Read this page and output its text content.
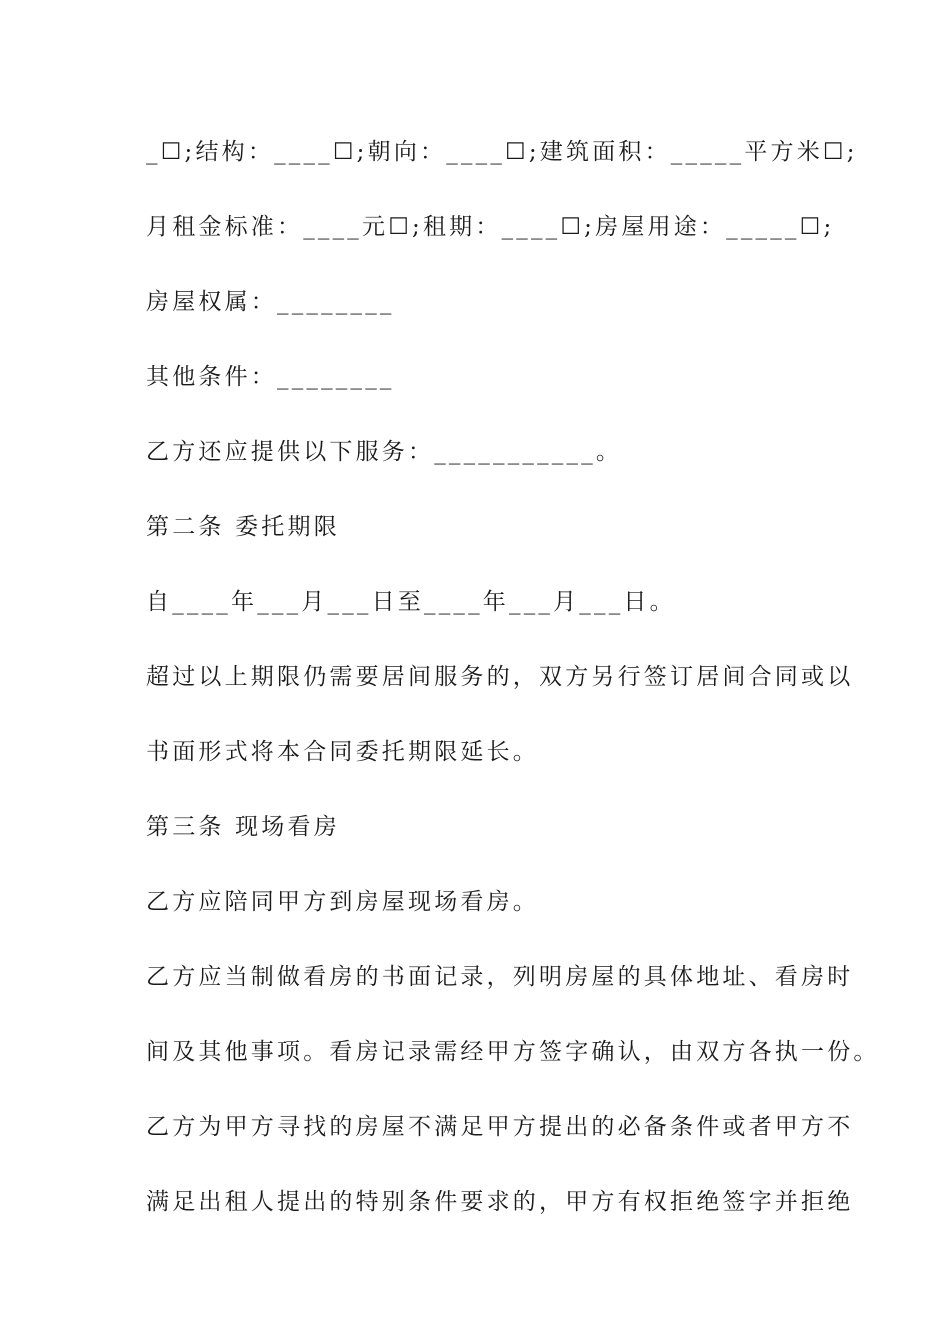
_☐;结构：____☐;朝向：____☐;建筑面积：_____平方米☐;
月租金标准：____元☐;租期：____☐;房屋用途：_____☐;
房屋权属：________
其他条件：________
乙方还应提供以下服务：___________。
第二条 委托期限
自____年___月___日至____年___月___日。
超过以上期限仍需要居间服务的，双方另行签订居间合同或以
书面形式将本合同委托期限延长。
第三条 现场看房
乙方应陪同甲方到房屋现场看房。
乙方应当制做看房的书面记录，列明房屋的具体地址、看房时
间及其他事项。看房记录需经甲方签字确认，由双方各执一份。
乙方为甲方寻找的房屋不满足甲方提出的必备条件或者甲方不
满足出租人提出的特别条件要求的，甲方有权拒绝签字并拒绝
